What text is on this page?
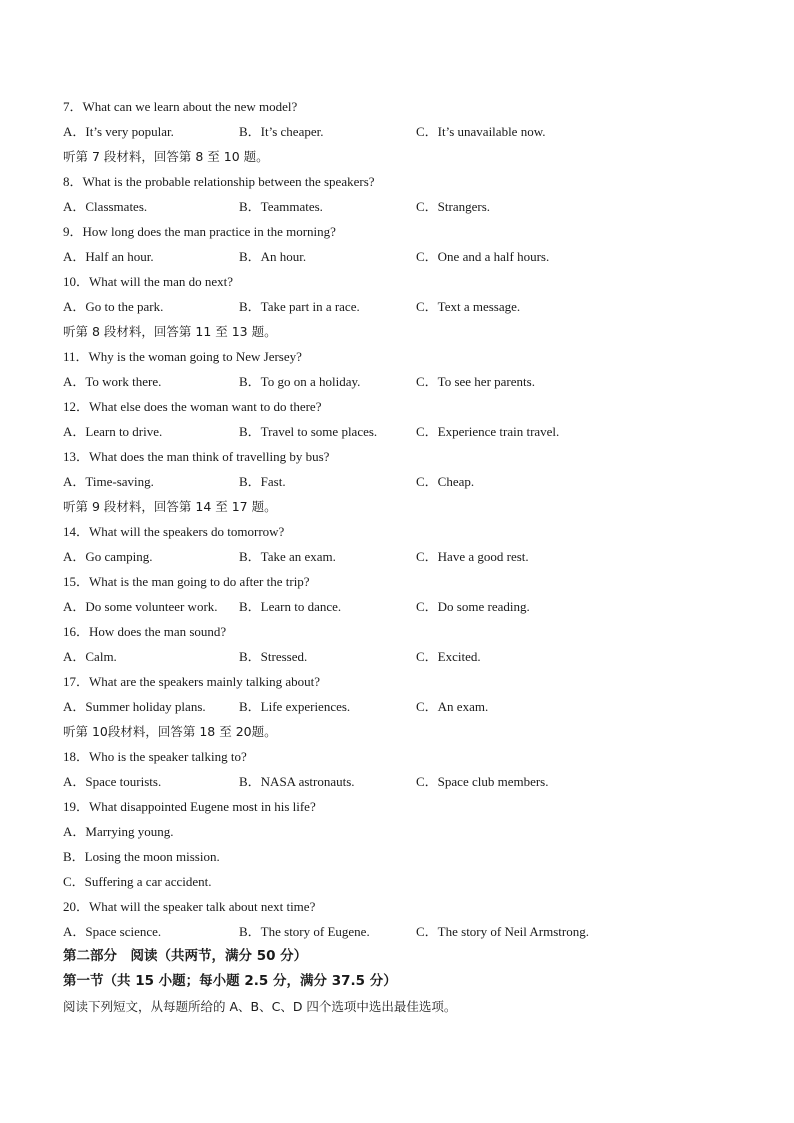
7．What can we learn about the new model?
A．It’s very popular.	B．It’s cheaper.	C．It’s unavailable now.
听第 7 段材料，回答第 8 至 10 题。
8．What is the probable relationship between the speakers?
A．Classmates.	B．Teammates.	C．Strangers.
9．How long does the man practice in the morning?
A．Half an hour.	B．An hour.	C．One and a half hours.
10．What will the man do next?
A．Go to the park.	B．Take part in a race.	C．Text a message.
听第 8 段材料，回答第 11 至 13 题。
11．Why is the woman going to New Jersey?
A．To work there.	B．To go on a holiday.	C．To see her parents.
12．What else does the woman want to do there?
A．Learn to drive.	B．Travel to some places.	C．Experience train travel.
13．What does the man think of travelling by bus?
A．Time-saving.	B．Fast.	C．Cheap.
听第 9 段材料，回答第 14 至 17 题。
14．What will the speakers do tomorrow?
A．Go camping.	B．Take an exam.	C．Have a good rest.
15．What is the man going to do after the trip?
A．Do some volunteer work. B．Learn to dance.	C．Do some reading.
16．How does the man sound?
A．Calm.	B．Stressed.	C．Excited.
17．What are the speakers mainly talking about?
A．Summer holiday plans.	B．Life experiences.	C．An exam.
听第 10段材料，回答第 18 至 20题。
18．Who is the speaker talking to?
A．Space tourists.	B．NASA astronauts.	C．Space club members.
19．What disappointed Eugene most in his life?
A．Marrying young.
B．Losing the moon mission.
C．Suffering a car accident.
20．What will the speaker talk about next time?
A．Space science.	B．The story of Eugene.	C．The story of Neil Armstrong.
第二部分　阅读（共两节，满分 50 分）
第一节（共 15 小题；每小题 2.5 分，满分 37.5 分）
阅读下列短文，从每题所给的 A、B、C、D 四个选项中选出最佳选项。
